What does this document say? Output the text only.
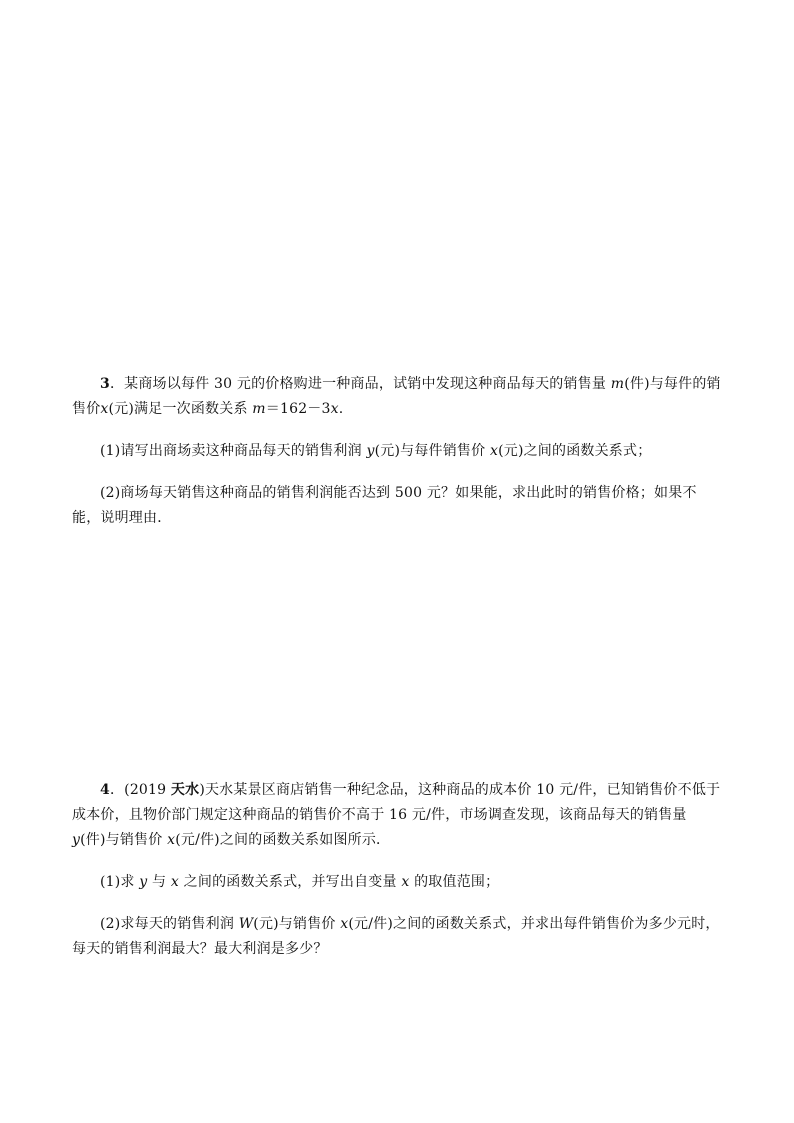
3．某商场以每件 30 元的价格购进一种商品，试销中发现这种商品每天的销售量 m(件)与每件的销售价x(元)满足一次函数关系 m＝162－3x.

(1)请写出商场卖这种商品每天的销售利润 y(元)与每件销售价 x(元)之间的函数关系式；

(2)商场每天销售这种商品的销售利润能否达到 500 元？如果能，求出此时的销售价格；如果不能，说明理由．

4．(2019 天水)天水某景区商店销售一种纪念品，这种商品的成本价 10 元/件，已知销售价不低于成本价，且物价部门规定这种商品的销售价不高于 16 元/件，市场调查发现，该商品每天的销售量 y(件)与销售价 x(元/件)之间的函数关系如图所示．

(1)求 y 与 x 之间的函数关系式，并写出自变量 x 的取值范围；

(2)求每天的销售利润 W(元)与销售价 x(元/件)之间的函数关系式，并求出每件销售价为多少元时，每天的销售利润最大？最大利润是多少？
